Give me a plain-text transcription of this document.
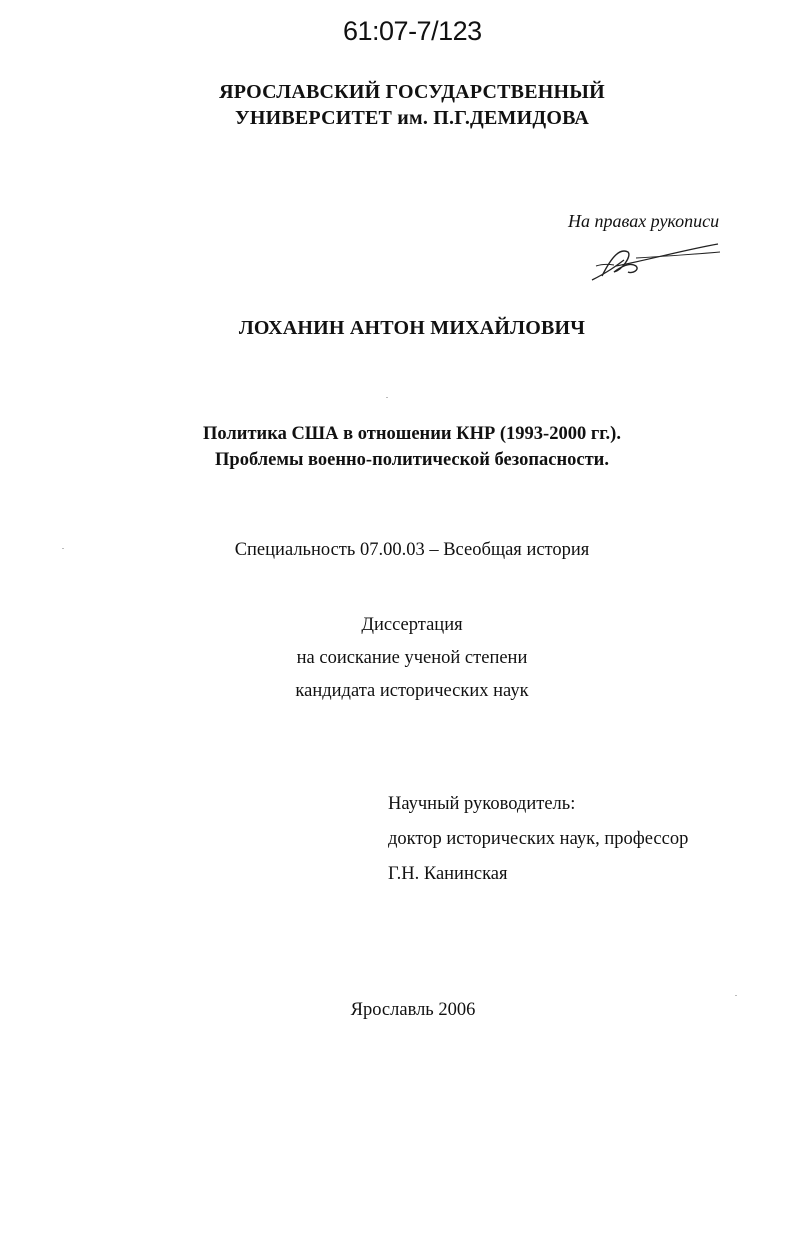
61:07-7/123
ЯРОСЛАВСКИЙ ГОСУДАРСТВЕННЫЙ
УНИВЕРСИТЕТ им. П.Г.ДЕМИДОВА
На правах рукописи
ЛОХАНИН АНТОН МИХАЙЛОВИЧ
Политика США в отношении КНР (1993-2000 гг.).
Проблемы военно-политической безопасности.
Специальность 07.00.03 – Всеобщая история
Диссертация
на соискание ученой степени
кандидата исторических наук
Научный руководитель:
доктор исторических наук, профессор
Г.Н. Канинская
Ярославль 2006
